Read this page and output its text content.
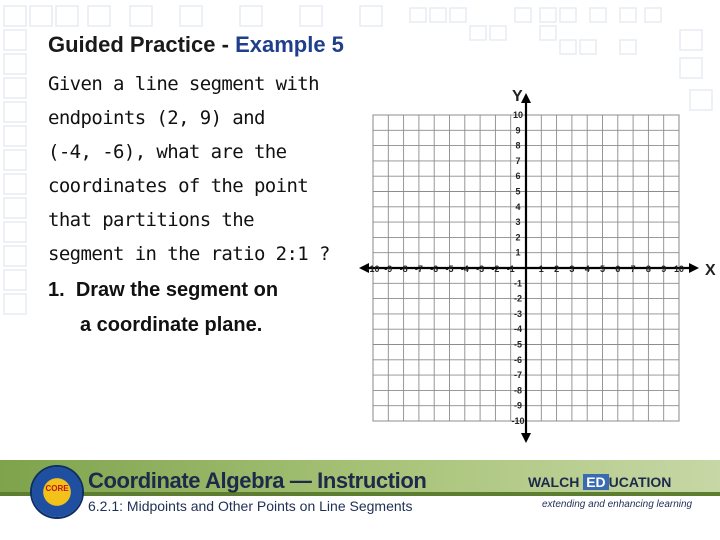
Guided Practice - Example 5
Given a line segment with
endpoints (2, 9) and
(-4, -6), what are the
coordinates of the point
that partitions the
segment in the ratio 2:1 ?
1. Draw the segment on
a coordinate plane.
-10 -9 -8 -7 -6 -5 -4 -3 -2 -1	1 2 3 4 5 6 7 8 9 10
-10
-9
-8
-7
-6
-5
-4
-3
-2
-1
1
2
3
4
5
6
7
8
9
10
X
Y
CORE Coordinate Algebra — Instruction
6.2.1: Midpoints and Other Points on Line Segments
WALCH ED UCATION
extending and enhancing learning
